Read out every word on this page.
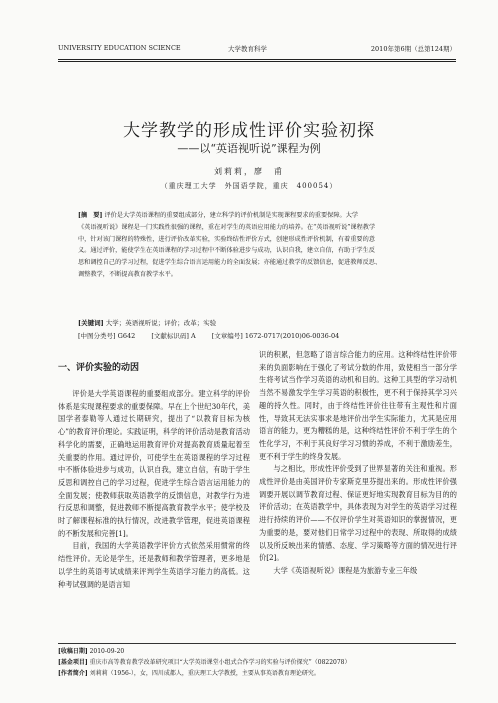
UNIVERSITY EDUCATION SCIENCE	大学教育科学	2010年第6期（总第124期）
大学教学的形成性评价实验初探
——以“英语视听说”课程为例
刘莉莉，廖　甫
（重庆理工大学　外国语学院，重庆　400054）

[摘　要] 评价是大学英语课程的重要组成部分，建立科学的评价机制是实现课程要求的重要保障。大学

《英语视听说》课程是一门实践性很强的课程，重在对学生的英语应用能力的培养。在“英语视听说”课程教学

中，针对该门课程的特殊性，进行评价改革实验，实验终结性评价方式，创建形成性评价机制，有着重要的意

义。通过评价，能使学生在英语课程的学习过程中不断体验进步与成功，认识自我，建立自信，有助于学生反

思和调控自己的学习过程，促进学生综合语言运用能力的全面发展；亦能通过教学的反馈信息，促进教师反思、

调整教学，不断提高教育教学水平。

[关键词] 大学；英语视听说；评价；改革；实验
[中图分类号] G642 [文献标识码] A [文章编号] 1672-0717(2010)06-0036-04
一、评价实验的动因

评价是大学英语课程的重要组成部分。建立科学的评价体系是实现课程要求的重要保障。早在上个世纪30年代，美国学者泰勒等人通过长期研究，提出了“以教育目标为核心”的教育评价理论。实践证明，科学的评价活动是教育活动科学化的需要，正确地运用教育评价对提高教育质量起着至关重要的作用。通过评价，可使学生在英语课程的学习过程中不断体验进步与成功，认识自我，建立自信，有助于学生反思和调控自己的学习过程，促进学生综合语言运用能力的全面发展；使教师获取英语教学的反馈信息，对教学行为进行反思和调整，促进教师不断提高教育教学水平；使学校及时了解课程标准的执行情况，改进教学管理，促进英语课程的不断发展和完善[1]。

目前，我国的大学英语教学评价方式依然采用惯常的终结性评价。无论是学生，还是教师和教学管理者，更多地是以学生的英语考试成绩来评判学生英语学习能力的高低。这种考试强调的是语言知

识的积累，但忽略了语言综合能力的应用。这种终结性评价带来的负面影响在于强化了考试分数的作用，致使相当一部分学生将考试当作学习英语的动机和目的。这种工具型的学习动机当然不易激发学生学习英语的积极性，更不利于保持其学习兴趣的持久性。同时，由于终结性评价往往带有主观性和片面性，导致其无法实事求是地评价出学生实际能力，尤其是应用语言的能力，更为糟糕的是，这种终结性评价不利于学生的个性化学习，不利于其良好学习习惯的养成，不利于激励差生，更不利于学生的终身发展。

与之相比，形成性评价受到了世界显著的关注和重视。形成性评价是由美国评价专家斯克里芬提出来的。形成性评价强调要开展以调节教育过程、保证更好地实现教育目标为目的的评价活动；在英语教学中，具体表现为对学生的英语学习过程进行持续的评价——不仅评价学生对英语知识的掌握情况，更为重要的是，要对他们日常学习过程中的表现、所取得的成绩以及所反映出来的情感、态度、学习策略等方面的情况进行评价[2]。

大学《英语视听说》课程是为旅游专业三年级

[收稿日期] 2010-09-20
[基金项目] 重庆市高等教育教学改革研究项目“大学英语课堂小组式合作学习的实验与评价探究”（0822078）
[作者简介] 刘莉莉（1956-），女，四川成都人，重庆理工大学教授，主要从事英语教育理论研究。
